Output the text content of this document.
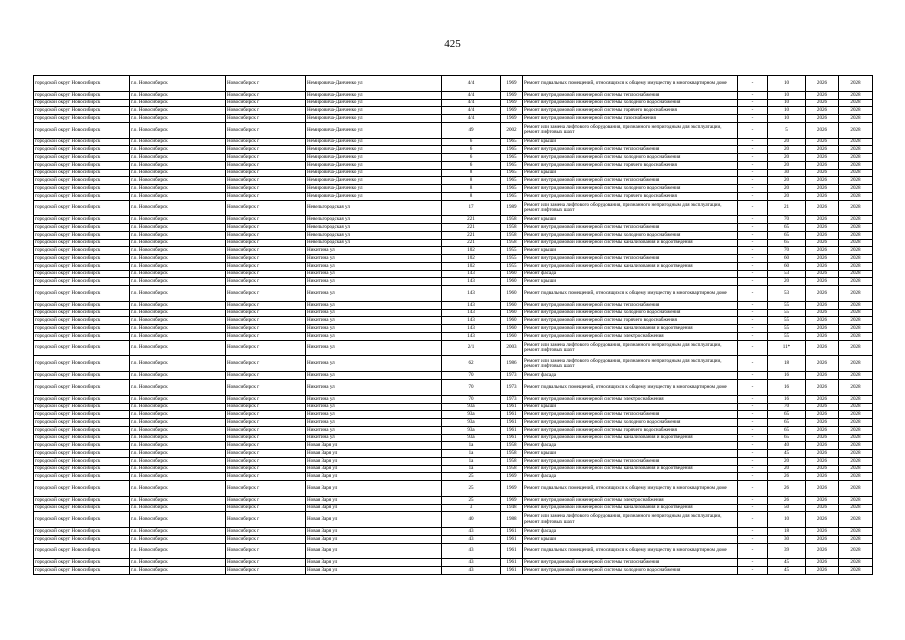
425
городской округ Новосибирск	г.о. Новосибирск	Новосибирск г	Немировича-Данченко ул	4/4	1969	Ремонт подвальных помещений, относящихся к общему имуществу в многоквартирном доме	-	10	2026	2028
городской округ Новосибирск	г.о. Новосибирск	Новосибирск г	Немировича-Данченко ул	4/4	1969	Ремонт внутридомовой инженерной системы теплоснабжения	-	10	2026	2028
городской округ Новосибирск	г.о. Новосибирск	Новосибирск г	Немировича-Данченко ул	4/4	1969	Ремонт внутридомовой инженерной системы холодного водоснабжения	-	10	2026	2028
городской округ Новосибирск	г.о. Новосибирск	Новосибирск г	Немировича-Данченко ул	4/4	1969	Ремонт внутридомовой инженерной системы горячего водоснабжения	-	10	2026	2028
городской округ Новосибирск	г.о. Новосибирск	Новосибирск г	Немировича-Данченко ул	4/4	1969	Ремонт внутридомовой инженерной системы газоснабжения	-	10	2026	2028
городской округ Новосибирск	г.о. Новосибирск	Новосибирск г	Немировича-Данченко ул	49	2002	Ремонт или замена лифтового оборудования, признанного непригодным для эксплуатации, ремонт лифтовых шахт	-	5	2026	2028
городской округ Новосибирск	г.о. Новосибирск	Новосибирск г	Немировича-Данченко ул	6	1965	Ремонт крыши	-	20	2026	2028
городской округ Новосибирск	г.о. Новосибирск	Новосибирск г	Немировича-Данченко ул	6	1965	Ремонт внутридомовой инженерной системы теплоснабжения	-	20	2026	2028
городской округ Новосибирск	г.о. Новосибирск	Новосибирск г	Немировича-Данченко ул	6	1965	Ремонт внутридомовой инженерной системы холодного водоснабжения	-	20	2026	2028
городской округ Новосибирск	г.о. Новосибирск	Новосибирск г	Немировича-Данченко ул	6	1965	Ремонт внутридомовой инженерной системы горячего водоснабжения	-	20	2026	2028
городской округ Новосибирск	г.о. Новосибирск	Новосибирск г	Немировича-Данченко ул	8	1965	Ремонт крыши	-	30	2026	2028
городской округ Новосибирск	г.о. Новосибирск	Новосибирск г	Немировича-Данченко ул	8	1965	Ремонт внутридомовой инженерной системы теплоснабжения	-	20	2026	2028
городской округ Новосибирск	г.о. Новосибирск	Новосибирск г	Немировича-Данченко ул	8	1965	Ремонт внутридомовой инженерной системы холодного водоснабжения	-	20	2026	2028
городской округ Новосибирск	г.о. Новосибирск	Новосибирск г	Немировича-Данченко ул	8	1965	Ремонт внутридомовой инженерной системы горячего водоснабжения	-	20	2026	2028
городской округ Новосибирск	г.о. Новосибирск	Новосибирск г	Невельгородская ул	17	1989	Ремонт или замена лифтового оборудования, признанного непригодным для эксплуатации, ремонт лифтовых шахт	-	21	2026	2028
городской округ Новосибирск	г.о. Новосибирск	Новосибирск г	Невельгородская ул	221	1958	Ремонт крыши	-	70	2026	2028
городской округ Новосибирск	г.о. Новосибирск	Новосибирск г	Невельгородская ул	221	1958	Ремонт внутридомовой инженерной системы теплоснабжения	-	65	2026	2028
городской округ Новосибирск	г.о. Новосибирск	Новосибирск г	Невельгородская ул	221	1958	Ремонт внутридомовой инженерной системы холодного водоснабжения	-	65	2026	2028
городской округ Новосибирск	г.о. Новосибирск	Новосибирск г	Невельгородская ул	221	1958	Ремонт внутридомовой инженерной системы канализования и водоотведения	-	65	2026	2028
городской округ Новосибирск	г.о. Новосибирск	Новосибирск г	Никитина ул	102	1955	Ремонт крыши	-	70	2026	2028
городской округ Новосибирск	г.о. Новосибирск	Новосибирск г	Никитина ул	102	1955	Ремонт внутридомовой инженерной системы теплоснабжения	-	60	2026	2028
городской округ Новосибирск	г.о. Новосибирск	Новосибирск г	Никитина ул	102	1955	Ремонт внутридомовой инженерной системы канализования и водоотведения	-	60	2026	2028
городской округ Новосибирск	г.о. Новосибирск	Новосибирск г	Никитина ул	143	1960	Ремонт фасада	-	53	2026	2028
городской округ Новосибирск	г.о. Новосибирск	Новосибирск г	Никитина ул	143	1960	Ремонт крыши	-	20	2026	2028
городской округ Новосибирск	г.о. Новосибирск	Новосибирск г	Никитина ул	143	1960	Ремонт подвальных помещений, относящихся к общему имуществу в многоквартирном доме	-	53	2026	2028
городской округ Новосибирск	г.о. Новосибирск	Новосибирск г	Никитина ул	143	1960	Ремонт внутридомовой инженерной системы теплоснабжения	-	55	2026	2028
городской округ Новосибирск	г.о. Новосибирск	Новосибирск г	Никитина ул	143	1960	Ремонт внутридомовой инженерной системы холодного водоснабжения	-	55	2026	2028
городской округ Новосибирск	г.о. Новосибирск	Новосибирск г	Никитина ул	143	1960	Ремонт внутридомовой инженерной системы горячего водоснабжения	-	55	2026	2028
городской округ Новосибирск	г.о. Новосибирск	Новосибирск г	Никитина ул	143	1960	Ремонт внутридомовой инженерной системы канализования и водоотведения	-	55	2026	2028
городской округ Новосибирск	г.о. Новосибирск	Новосибирск г	Никитина ул	143	1960	Ремонт внутридомовой инженерной системы электроснабжения	-	55	2026	2028
городской округ Новосибирск	г.о. Новосибирск	Новосибирск г	Никитина ул	2/1	2003	Ремонт или замена лифтового оборудования, признанного непригодным для эксплуатации, ремонт лифтовых шахт	-	11*	2026	2028
городской округ Новосибирск	г.о. Новосибирск	Новосибирск г	Никитина ул	62	1986	Ремонт или замена лифтового оборудования, признанного непригодным для эксплуатации, ремонт лифтовых шахт	-	18	2026	2028
городской округ Новосибирск	г.о. Новосибирск	Новосибирск г	Никитина ул	70	1973	Ремонт фасада	-	16	2026	2028
городской округ Новосибирск	г.о. Новосибирск	Новосибирск г	Никитина ул	70	1973	Ремонт подвальных помещений, относящихся к общему имуществу в многоквартирном доме	-	16	2026	2028
городской округ Новосибирск	г.о. Новосибирск	Новосибирск г	Никитина ул	70	1973	Ремонт внутридомовой инженерной системы электроснабжения	-	16	2026	2028
городской округ Новосибирск	г.о. Новосибирск	Новосибирск г	Никитина ул	93а	1961	Ремонт крыши	-	70	2026	2028
городской округ Новосибирск	г.о. Новосибирск	Новосибирск г	Никитина ул	93а	1961	Ремонт внутридомовой инженерной системы теплоснабжения	-	65	2026	2028
городской округ Новосибирск	г.о. Новосибирск	Новосибирск г	Никитина ул	93а	1961	Ремонт внутридомовой инженерной системы холодного водоснабжения	-	65	2026	2028
городской округ Новосибирск	г.о. Новосибирск	Новосибирск г	Никитина ул	93а	1961	Ремонт внутридомовой инженерной системы горячего водоснабжения	-	65	2026	2028
городской округ Новосибирск	г.о. Новосибирск	Новосибирск г	Никитина ул	93а	1961	Ремонт внутридомовой инженерной системы канализования и водоотведения	-	65	2026	2028
городской округ Новосибирск	г.о. Новосибирск	Новосибирск г	Новая Заря ул	1а	1958	Ремонт фасада	-	40	2026	2028
городской округ Новосибирск	г.о. Новосибирск	Новосибирск г	Новая Заря ул	1а	1958	Ремонт крыши	-	45	2026	2028
городской округ Новосибирск	г.о. Новосибирск	Новосибирск г	Новая Заря ул	1а	1958	Ремонт внутридомовой инженерной системы теплоснабжения	-	20	2026	2028
городской округ Новосибирск	г.о. Новосибирск	Новосибирск г	Новая Заря ул	1а	1958	Ремонт внутридомовой инженерной системы канализования и водоотведения	-	20	2026	2028
городской округ Новосибирск	г.о. Новосибирск	Новосибирск г	Новая Заря ул	25	1969	Ремонт фасада	-	26	2026	2028
городской округ Новосибирск	г.о. Новосибирск	Новосибирск г	Новая Заря ул	25	1969	Ремонт подвальных помещений, относящихся к общему имуществу в многоквартирном доме	-	26	2026	2028
городской округ Новосибирск	г.о. Новосибирск	Новосибирск г	Новая Заря ул	25	1969	Ремонт внутридомовой инженерной системы электроснабжения	-	26	2026	2028
городской округ Новосибирск	г.о. Новосибирск	Новосибирск г	Новая Заря ул	3	1948	Ремонт внутридомовой инженерной системы канализования и водоотведения	-	50	2026	2028
городской округ Новосибирск	г.о. Новосибирск	Новосибирск г	Новая Заря ул	40	1988	Ремонт или замена лифтового оборудования, признанного непригодным для эксплуатации, ремонт лифтовых шахт	-	10	2026	2028
городской округ Новосибирск	г.о. Новосибирск	Новосибирск г	Новая Заря ул	43	1961	Ремонт фасада	-	18	2026	2028
городской округ Новосибирск	г.о. Новосибирск	Новосибирск г	Новая Заря ул	43	1961	Ремонт крыши	-	30	2026	2028
городской округ Новосибирск	г.о. Новосибирск	Новосибирск г	Новая Заря ул	43	1961	Ремонт подвальных помещений, относящихся к общему имуществу в многоквартирном доме	-	39	2026	2028
городской округ Новосибирск	г.о. Новосибирск	Новосибирск г	Новая Заря ул	43	1961	Ремонт внутридомовой инженерной системы теплоснабжения	-	45	2026	2028
городской округ Новосибирск	г.о. Новосибирск	Новосибирск г	Новая Заря ул	43	1961	Ремонт внутридомовой инженерной системы холодного водоснабжения	-	45	2026	2028
